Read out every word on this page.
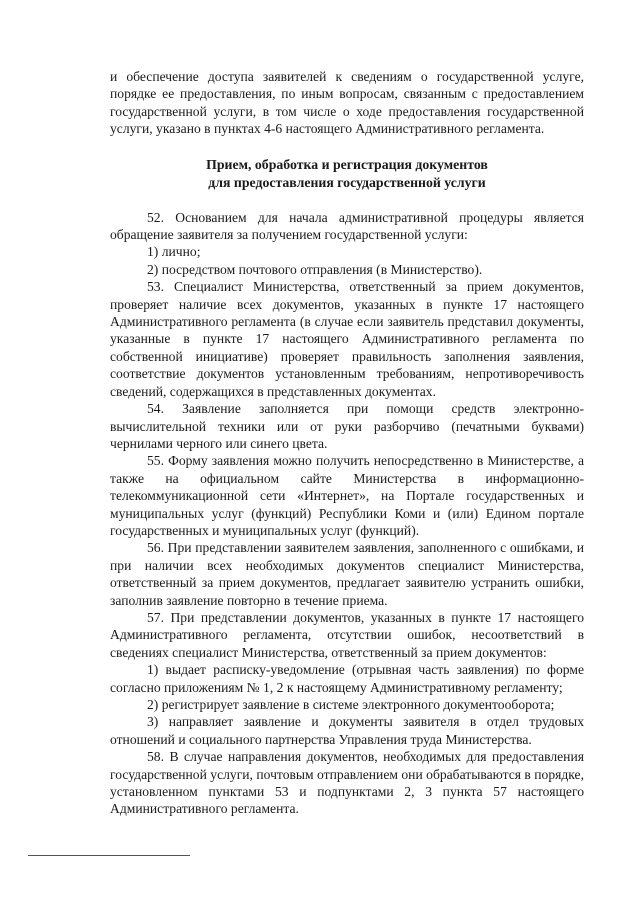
и обеспечение доступа заявителей к сведениям о государственной услуге, порядке ее предоставления, по иным вопросам, связанным с предоставлением государственной услуги, в том числе о ходе предоставления государственной услуги, указано в пунктах 4-6 настоящего Административного регламента.

Прием, обработка и регистрация документов
для предоставления государственной услуги

52. Основанием для начала административной процедуры является обращение заявителя за получением государственной услуги:

1) лично;

2) посредством почтового отправления (в Министерство).

53. Специалист Министерства, ответственный за прием документов, проверяет наличие всех документов, указанных в пункте 17 настоящего Административного регламента (в случае если заявитель представил документы, указанные в пункте 17 настоящего Административного регламента по собственной инициативе) проверяет правильность заполнения заявления, соответствие документов установленным требованиям, непротиворечивость сведений, содержащихся в представленных документах.

54. Заявление заполняется при помощи средств электронно-вычислительной техники или от руки разборчиво (печатными буквами) чернилами черного или синего цвета.

55. Форму заявления можно получить непосредственно в Министерстве, а также на официальном сайте Министерства в информационно-телекоммуникационной сети «Интернет», на Портале государственных и муниципальных услуг (функций) Республики Коми и (или) Едином портале государственных и муниципальных услуг (функций).

56. При представлении заявителем заявления, заполненного с ошибками, и при наличии всех необходимых документов специалист Министерства, ответственный за прием документов, предлагает заявителю устранить ошибки, заполнив заявление повторно в течение приема.

57. При представлении документов, указанных в пункте 17 настоящего Административного регламента, отсутствии ошибок, несоответствий в сведениях специалист Министерства, ответственный за прием документов:

1) выдает расписку-уведомление (отрывная часть заявления) по форме согласно приложениям № 1, 2 к настоящему Административному регламенту;

2) регистрирует заявление в системе электронного документооборота;

3) направляет заявление и документы заявителя в отдел трудовых отношений и социального партнерства Управления труда Министерства.

58. В случае направления документов, необходимых для предоставления государственной услуги, почтовым отправлением они обрабатываются в порядке, установленном пунктами 53 и подпунктами 2, 3 пункта 57 настоящего Административного регламента.
